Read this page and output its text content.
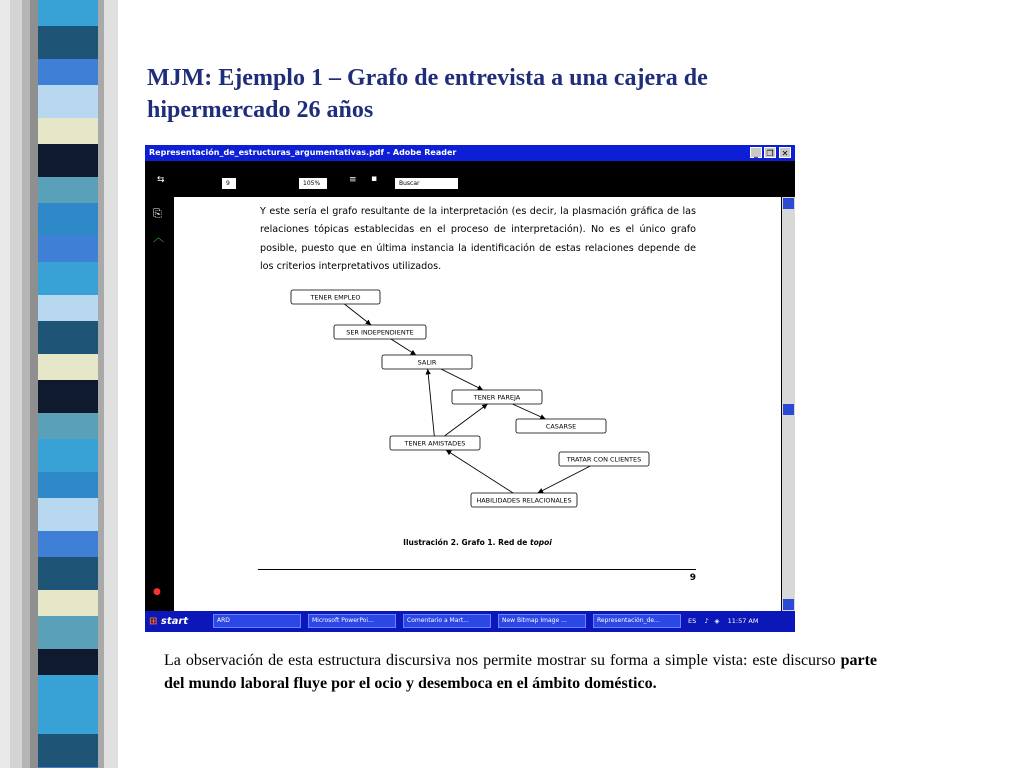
MJM: Ejemplo 1 – Grafo de entrevista a una cajera de hipermercado 26 años
Representación_de_estructuras_argumentativas.pdf - Adobe Reader	_	❐	✕
⇆	9	105%	≡ ▪	Buscar
⎘
︿
●

Y este sería el grafo resultante de la interpretación (es decir, la plasmación gráfica de las relaciones tópicas establecidas en el proceso de interpretación). No es el único grafo posible, puesto que en última instancia la identificación de estas relaciones depende de los criterios interpretativos utilizados.

TENER EMPLEO
SER INDEPENDIENTE
SALIR
TENER PAREJA
CASARSE
TENER AMISTADES
TRATAR CON CLIENTES
HABILIDADES RELACIONALES
Ilustración 2. Grafo 1. Red de topoi
9
⊞ start	ARD	Microsoft PowerPoi...	Comentario a Mart...	New Bitmap Image ...	Representación_de...	ES ♪ ◈ 11:57 AM

La observación de esta estructura discursiva nos permite mostrar su forma a simple vista: este discurso parte del mundo laboral fluye por el ocio y desemboca en el ámbito doméstico.
